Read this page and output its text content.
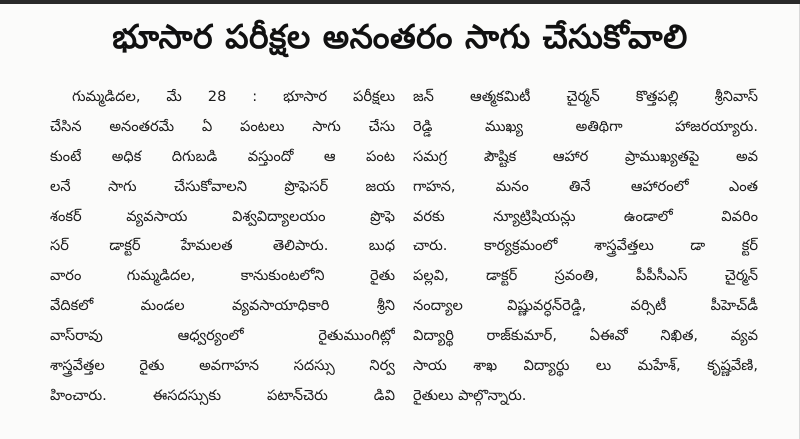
భూసార పరీక్షల అనంతరం సాగు చేసుకోవాలి
గుమ్మడిదల, మే 28 : భూసార పరీక్షలు
చేసిన అనంతరమే ఏ పంటలు సాగు చేసు
కుంటే అధిక దిగుబడి వస్తుందో ఆ పంట
లనే సాగు చేసుకోవాలని ప్రొఫెసర్ జయ
శంకర్ వ్యవసాయ విశ్వవిద్యాలయం ప్రొఫె
సర్ డాక్టర్ హేమలత తెలిపారు. బుధ
వారం గుమ్మడిదల, కానుకుంటలోని రైతు
వేదికలో మండల వ్యవసాయాధికారి శ్రీని
వాస్‌రావు ఆధ్వర్యంలో రైతుముంగిట్లో
శాస్త్రవేత్తల రైతు అవగాహన సదస్సు నిర్వ
హించారు. ఈసదస్సుకు పటాన్‌చెరు డివి
జన్ ఆత్మకమిటీ చైర్మన్ కొత్తపల్లి శ్రీనివాస్
రెడ్డి ముఖ్య అతిథిగా హాజరయ్యారు.
సమగ్ర పౌష్టిక ఆహార ప్రాముఖ్యతపై అవ
గాహన, మనం తినే ఆహారంలో ఎంత
వరకు న్యూట్రిషియన్లు ఉండాలో వివరిం
చారు. కార్యక్రమంలో శాస్త్రవేత్తలు డా క్టర్
పల్లవి, డాక్టర్ స్రవంతి, పీపీసీఎస్ చైర్మన్
నంద్యాల విష్ణువర్ధన్‌రెడ్డి, వర్సిటీ పీహెచ్‌డీ
విద్యార్థి రాజ్‌కుమార్, ఏఈవో నిఖిత, వ్యవ
సాయ శాఖ విద్యార్థు లు మహేశ్, కృష్ణవేణి,
రైతులు పాల్గొన్నారు.
